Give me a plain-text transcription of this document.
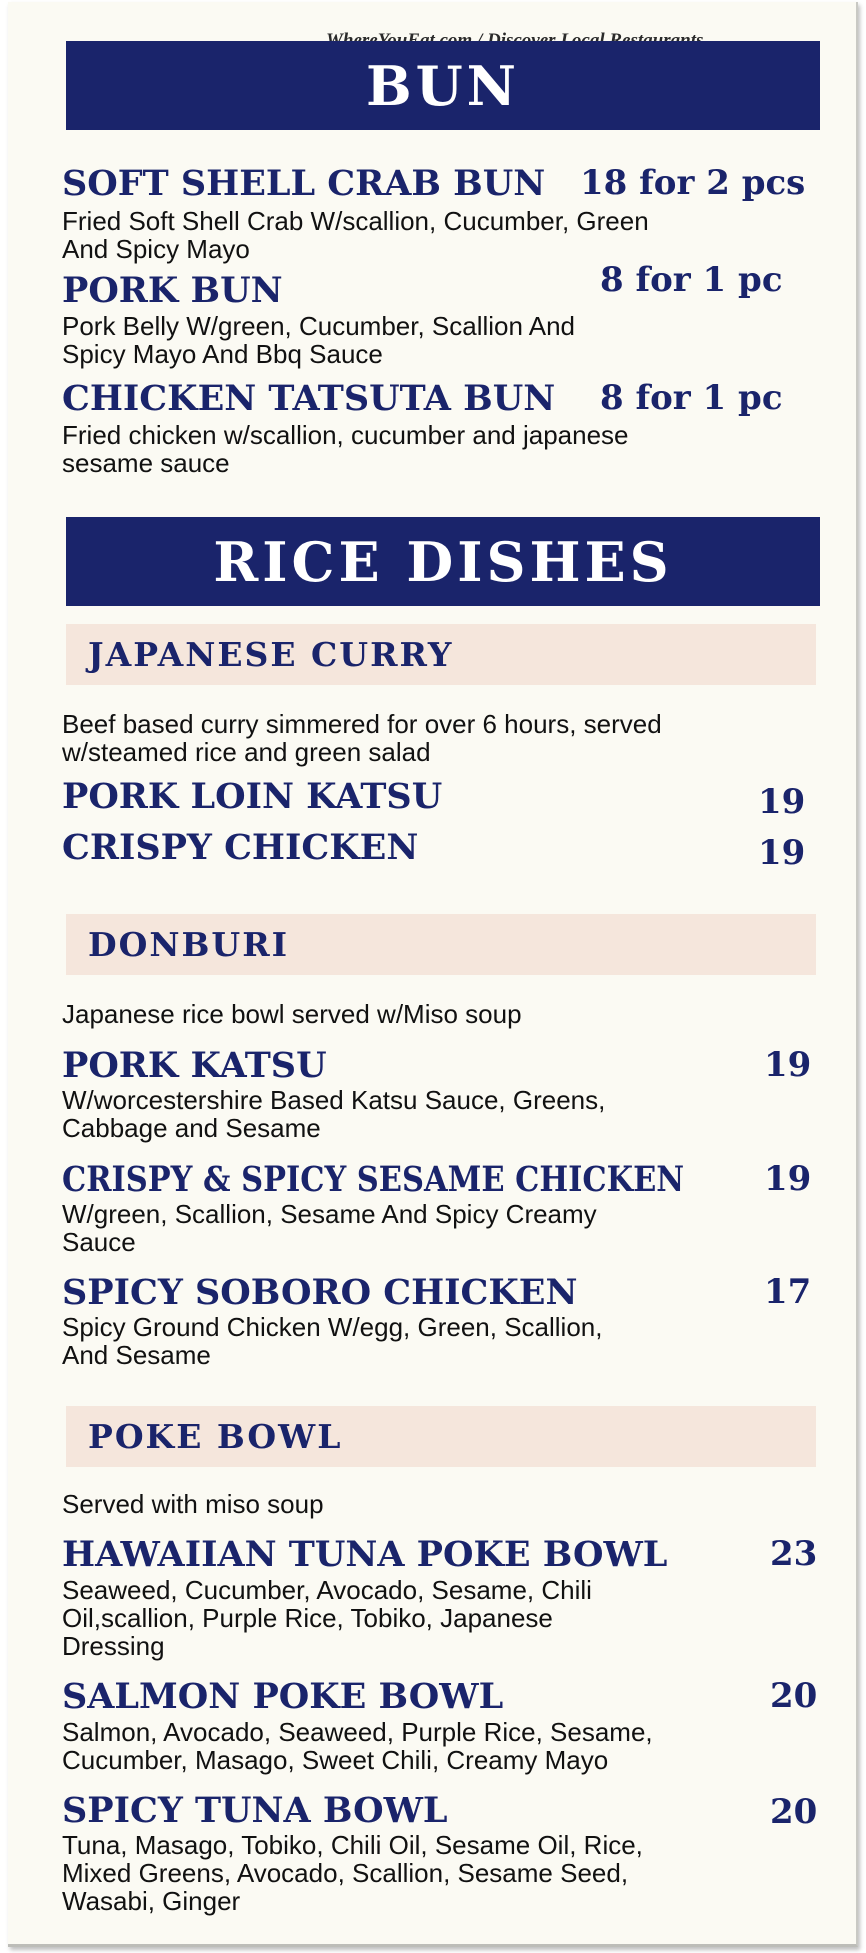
BUN
SOFT SHELL CRAB BUN 18 for 2 pcs
Fried Soft Shell Crab W/scallion, Cucumber, Green
And Spicy Mayo
PORK BUN	8 for 1 pc
Pork Belly W/green, Cucumber, Scallion And
Spicy Mayo And Bbq Sauce
CHICKEN TATSUTA BUN 8 for 1 pc
Fried chicken w/scallion, cucumber and japanese
sesame sauce
RICE DISHES
JAPANESE CURRY
Beef based curry simmered for over 6 hours, served
w/steamed rice and green salad
PORK LOIN KATSU	19
CRISPY CHICKEN	19
DONBURI
Japanese rice bowl served w/Miso soup
PORK KATSU	19
W/worcestershire Based Katsu Sauce, Greens,
Cabbage and Sesame
CRISPY & SPICY SESAME CHICKEN 19
W/green, Scallion, Sesame And Spicy Creamy
Sauce
SPICY SOBORO CHICKEN	17
Spicy Ground Chicken W/egg, Green, Scallion,
And Sesame
POKE BOWL
Served with miso soup
HAWAIIAN TUNA POKE BOWL	23
Seaweed, Cucumber, Avocado, Sesame, Chili
Oil,scallion, Purple Rice, Tobiko, Japanese
Dressing
SALMON POKE BOWL	20
Salmon, Avocado, Seaweed, Purple Rice, Sesame,
Cucumber, Masago, Sweet Chili, Creamy Mayo
SPICY TUNA BOWL	20
Tuna, Masago, Tobiko, Chili Oil, Sesame Oil, Rice,
Mixed Greens, Avocado, Scallion, Sesame Seed,
Wasabi, Ginger
